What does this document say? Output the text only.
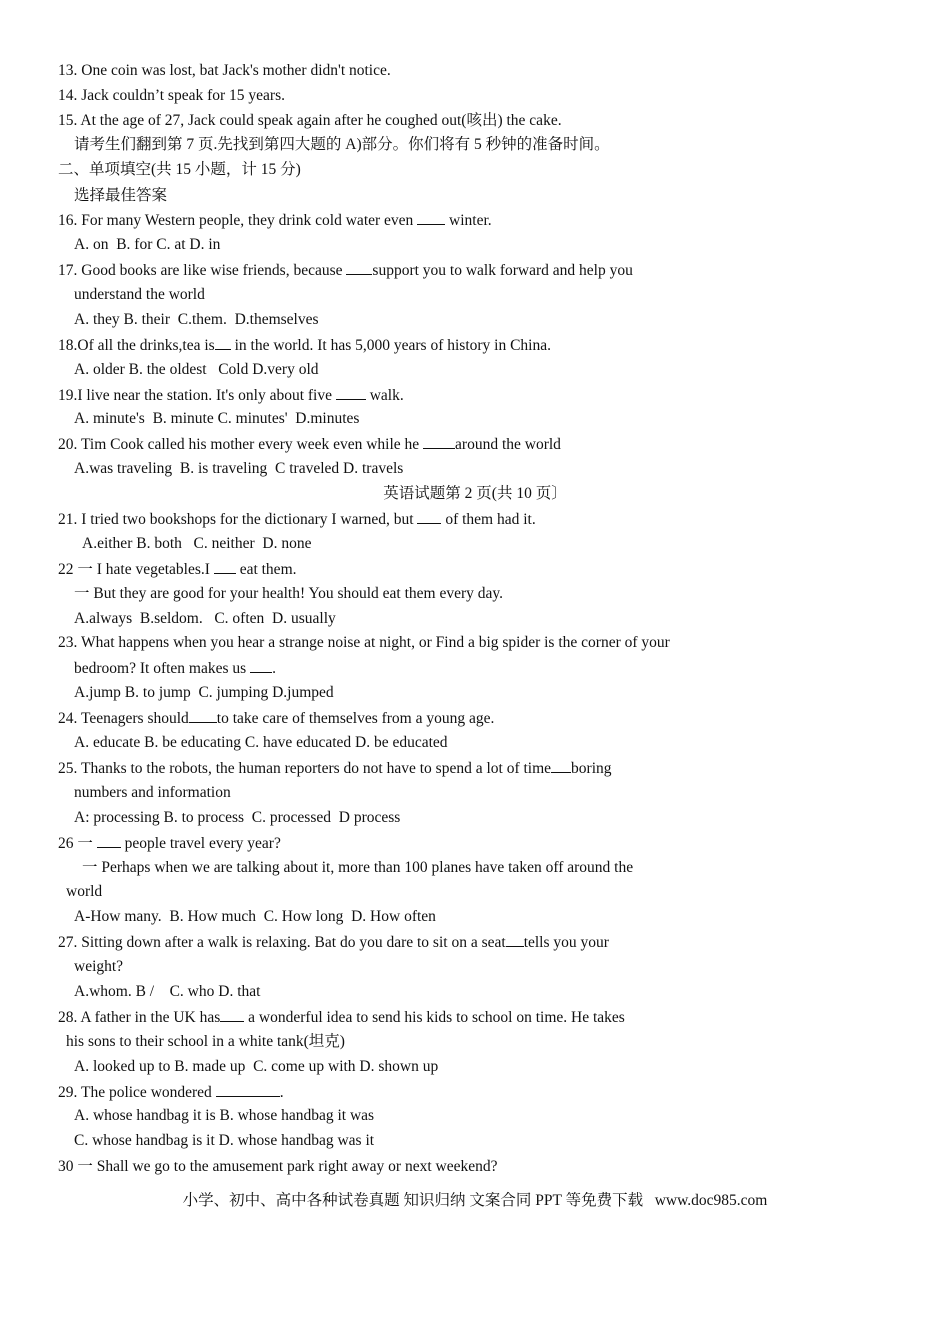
13. One coin was lost, bat Jack's mother didn't notice.
14. Jack couldn’t speak for 15 years.
15. At the age of 27, Jack could speak again after he coughed out(咳出) the cake.
请考生们翻到第 7 页.先找到第四大题的 A)部分。你们将有 5 秒钟的准备时间。
二、单项填空(共 15 小题，计 15 分)
选择最佳答案
16. For many Western people, they drink cold water even  winter.
A. on  B. for C. at D. in
17. Good books are like wise friends, because support you to walk forward and help you
understand the world
A. they B. their  C.them.  D.themselves
18.Of all the drinks,tea is in the world. It has 5,000 years of history in China.
A. older B. the oldest   Cold D.very old
19.I live near the station. It's only about five  walk.
A. minute's  B. minute C. minutes'  D.minutes
20. Tim Cook called his mother every week even while he around the world
A.was traveling  B. is traveling  C traveled D. travels
英语试题第 2 页(共 10 页〕
21. I tried two bookshops for the dictionary I warned, but  of them had it.
A.either B. both   C. neither  D. none
22 一 I hate vegetables.I  eat them.
一 But they are good for your health! You should eat them every day.
A.always  B.seldom.   C. often  D. usually
23. What happens when you hear a strange noise at night, or Find a big spider is the corner of your
bedroom? It often makes us .
A.jump B. to jump  C. jumping D.jumped
24. Teenagers should to take care of themselves from a young age.
A. educate B. be educating C. have educated D. be educated
25. Thanks to the robots, the human reporters do not have to spend a lot of time boring
numbers and information
A: processing B. to process  C. processed  D process
26 一  people travel every year?
一 Perhaps when we are talking about it, more than 100 planes have taken off around the
world
A-How many.  B. How much  C. How long  D. How often
27. Sitting down after a walk is relaxing. Bat do you dare to sit on a seat tells you your
weight?
A.whom. B /    C. who D. that
28. A father in the UK has a wonderful idea to send his kids to school on time. He takes
his sons to their school in a white tank(坦克)
A. looked up to B. made up  C. come up with D. shown up
29. The police wondered	.
A. whose handbag it is B. whose handbag it was
C. whose handbag is it D. whose handbag was it
30 一 Shall we go to the amusement park right away or next weekend?
小学、初中、高中各种试卷真题 知识归纳 文案合同 PPT 等免费下载   www.doc985.com
